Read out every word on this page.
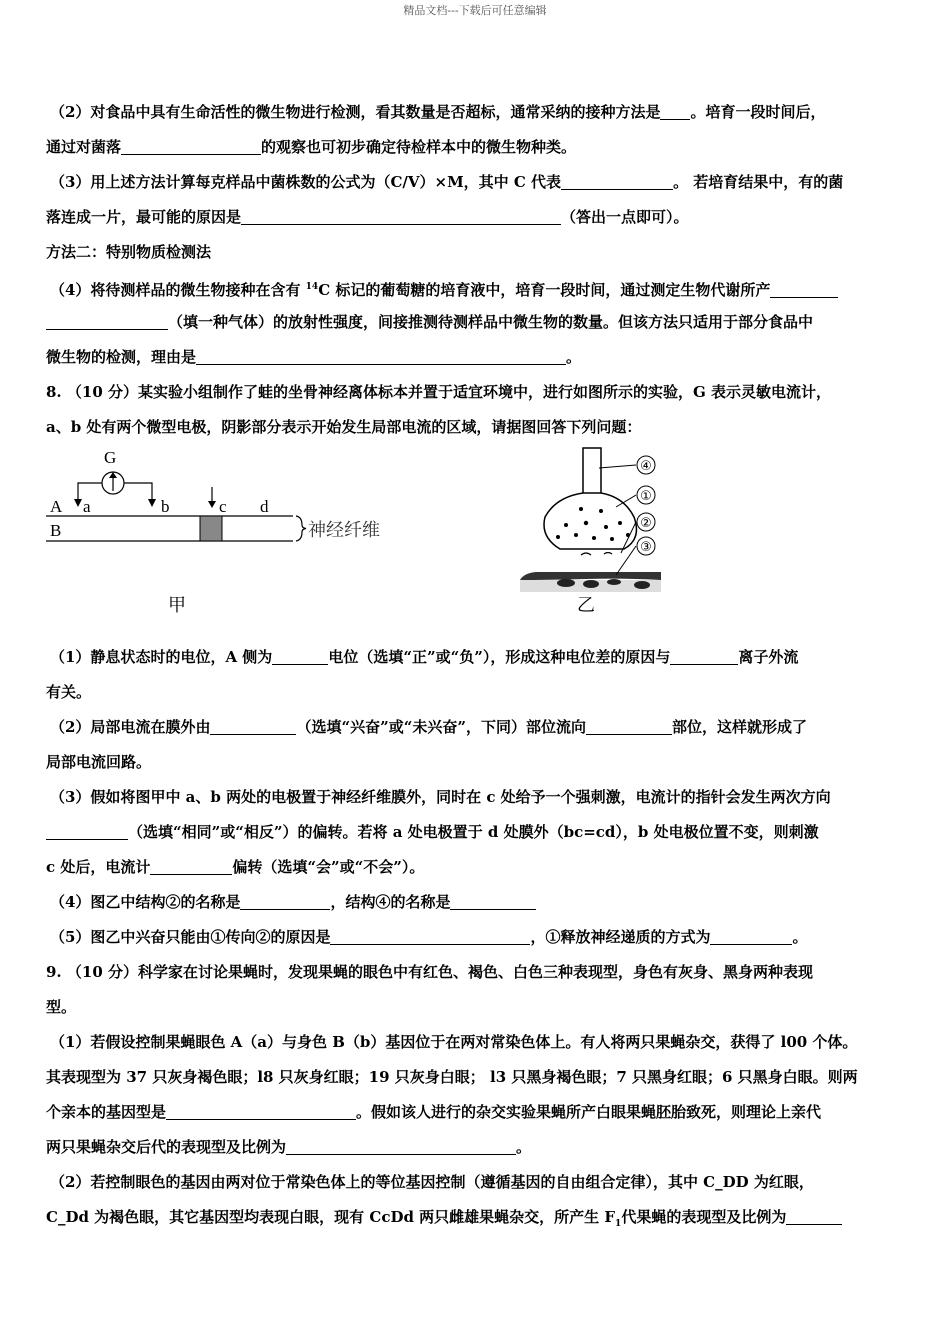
精品文档---下载后可任意编辑
（2）对食品中具有生命活性的微生物进行检测，看其数量是否超标，通常采纳的接种方法是 。培育一段时间后，
通过对菌落	的观察也可初步确定待检样本中的微生物种类。
（3）用上述方法计算每克样品中菌株数的公式为（C/V）×M，其中 C 代表	。 若培育结果中，有的菌
落连成一片，最可能的原因是	（答出一点即可）。
方法二：特别物质检测法
（4）将待测样品的微生物接种在含有 $^{14}$C 标记的葡萄糖的培育液中，培育一段时间，通过测定生物代谢所产
（填一种气体）的放射性强度，间接推测待测样品中微生物的数量。但该方法只适用于部分食品中
微生物的检测，理由是	。
8. （10 分）某实验小组制作了蛙的坐骨神经离体标本并置于适宜环境中，进行如图所示的实验，G 表示灵敏电流计，
a、b 处有两个微型电极，阴影部分表示开始发生局部电流的区域，请据图回答下列问题：
G
A a	b	c d
B	神经纤维
甲
④
①
②
③
乙
（1）静息状态时的电位，A 侧为	电位（选填“正”或“负”），形成这种电位差的原因与	离子外流
有关。
（2）局部电流在膜外由	（选填“兴奋”或“未兴奋”，下同）部位流向	部位，这样就形成了
局部电流回路。
（3）假如将图甲中 a、b 两处的电极置于神经纤维膜外，同时在 c 处给予一个强刺激，电流计的指针会发生两次方向
（选填“相同”或“相反”）的偏转。若将 a 处电极置于 d 处膜外（bc=cd），b 处电极位置不变，则刺激
c 处后，电流计	偏转（选填“会”或“不会”）。
（4）图乙中结构②的名称是	，结构④的名称是
（5）图乙中兴奋只能由①传向②的原因是	，①释放神经递质的方式为	。
9. （10 分）科学家在讨论果蝇时，发现果蝇的眼色中有红色、褐色、白色三种表现型，身色有灰身、黑身两种表现
型。
（1）若假设控制果蝇眼色 A（a）与身色 B（b）基因位于在两对常染色体上。有人将两只果蝇杂交，获得了 l00 个体。
其表现型为 37 只灰身褐色眼；l8 只灰身红眼；19 只灰身白眼； l3 只黑身褐色眼；7 只黑身红眼；6 只黑身白眼。则两
个亲本的基因型是	。假如该人进行的杂交实验果蝇所产白眼果蝇胚胎致死，则理论上亲代
两只果蝇杂交后代的表现型及比例为	。
（2）若控制眼色的基因由两对位于常染色体上的等位基因控制（遵循基因的自由组合定律），其中 C_DD 为红眼，
C_Dd 为褐色眼，其它基因型均表现白眼，现有 CcDd 两只雌雄果蝇杂交，所产生 $F_1$代果蝇的表现型及比例为
